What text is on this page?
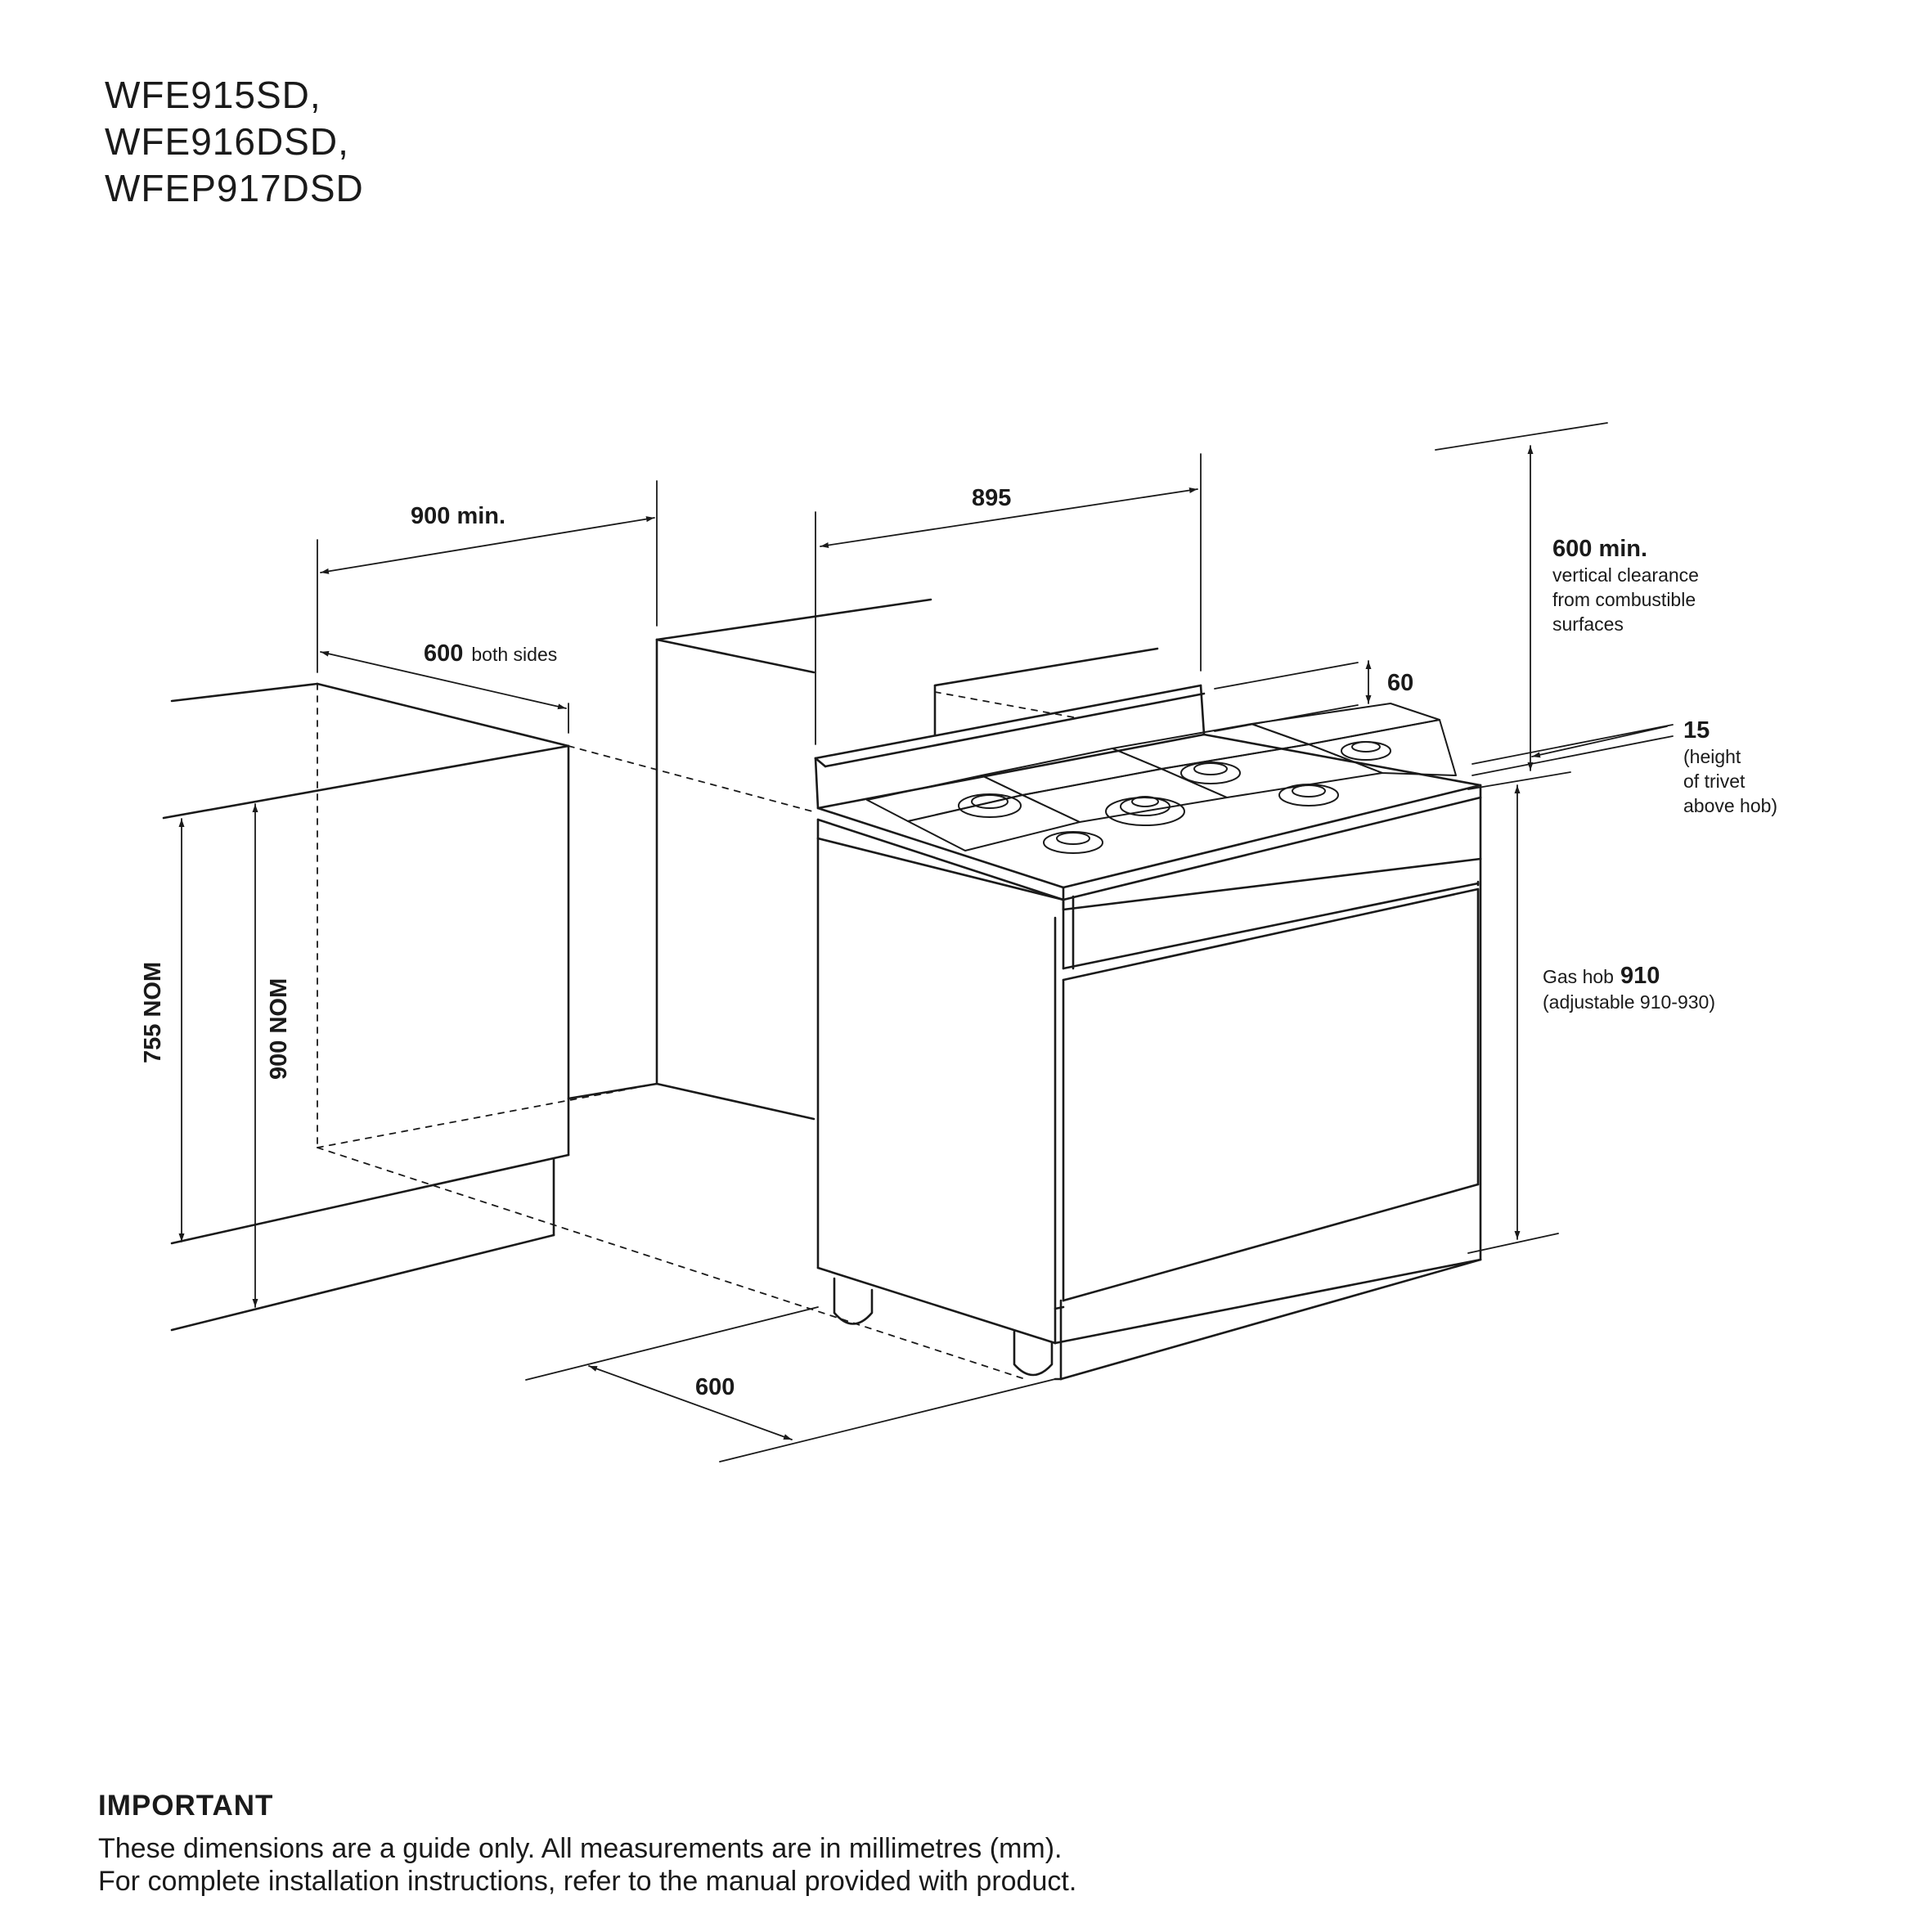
WFE915SD,
WFE916DSD,
WFEP917DSD
900 min.
600 both sides
895
600 min.
vertical clearance
from combustible
surfaces
60
15
(height
of trivet
above hob)
Gas hob 910
(adjustable 910-930)
755 NOM	900 NOM
600
IMPORTANT
These dimensions are a guide only. All measurements are in millimetres (mm).
For complete installation instructions, refer to the manual provided with product.
